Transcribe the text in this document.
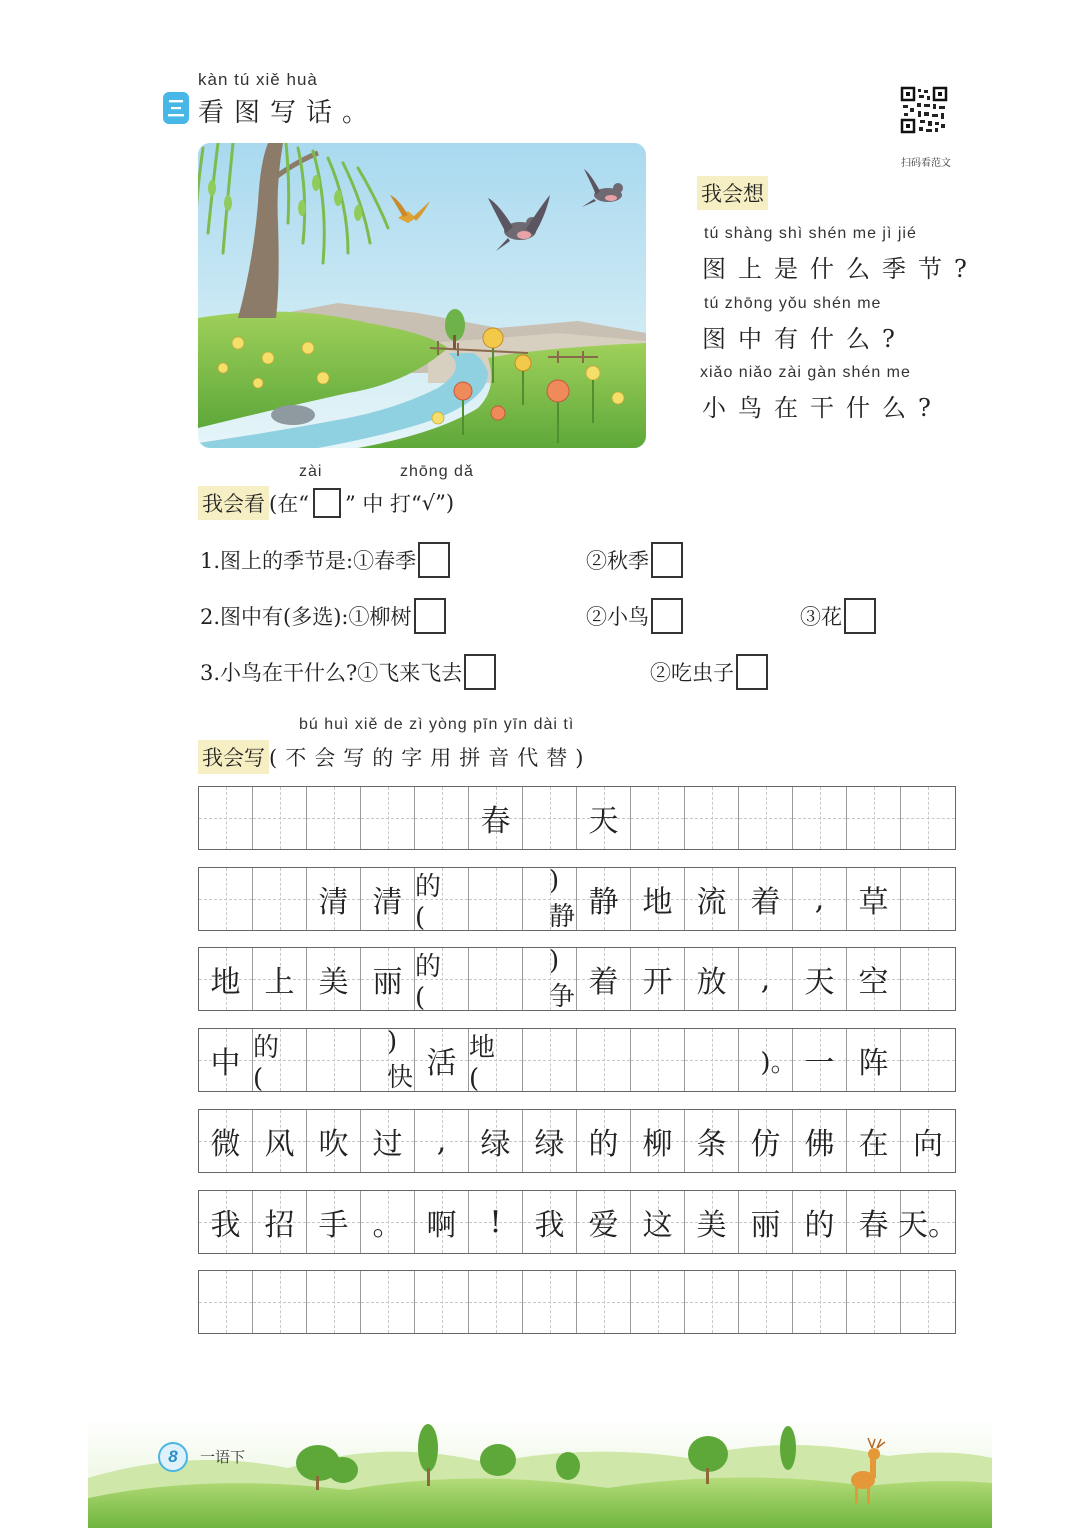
kàn tú xiě huà
看图写话。
扫码看范文
我会想
tú shàng shì shén me jì jié
图上是什么季节?
tú zhōng yǒu shén me
图中有什么?
xiǎo niǎo zài gàn shén me
小鸟在干什么?
zài	zhōng dǎ
我会看 (在“ ” 中 打“ √”)
1.图上的季节是: ①春季	②秋季
2.图中有(多选): ①柳树	②小鸟	③花
3.小鸟在干什么? ①飞来飞去	②吃虫子
bú huì xiě de zì yòng pīn yīn dài tì
我会写 (不会写的字用拼音代替)
春	天
清 清 的(
)静 静 地 流 着 , 草
地 上 美 丽 的(
)争 着 开 放 , 天 空
中 的(
)快 活 地(
)。 一 阵
微 风 吹 过 , 绿 绿 的 柳 条 仿 佛 在 向
我 招 手 。 啊 ! 我 爱 这 美 丽 的 春 天。
8	一语下
